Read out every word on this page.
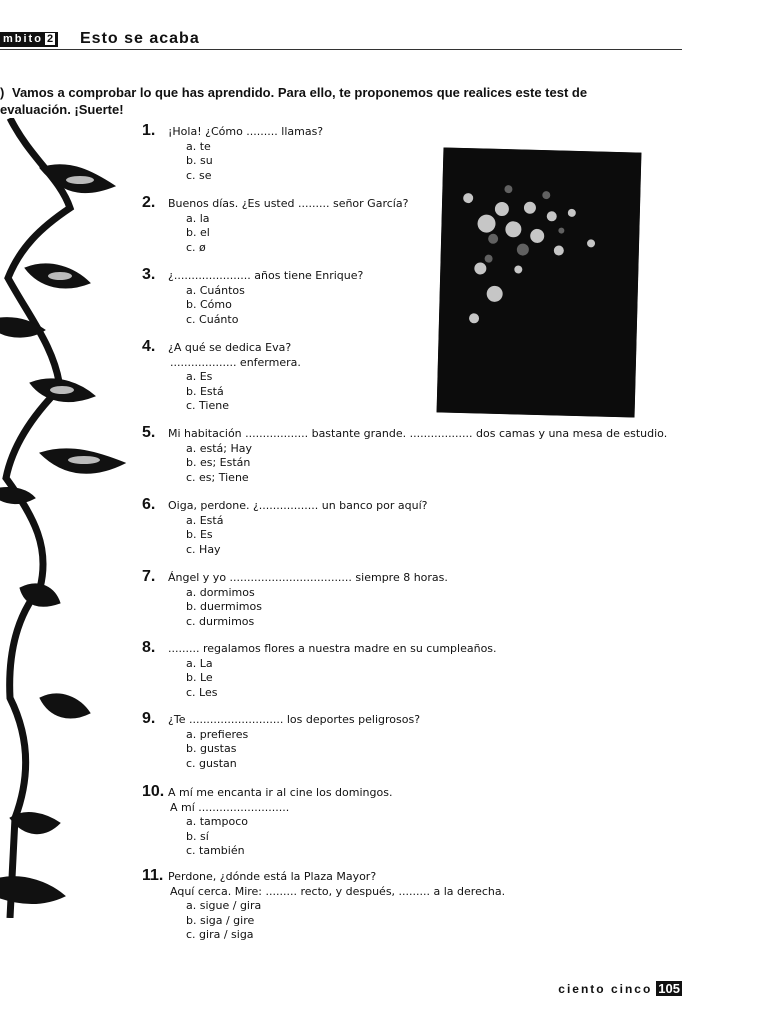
mbito 2	Esto se acaba
) Vamos a comprobar lo que has aprendido. Para ello, te proponemos que realices este test de evaluación. ¡Suerte!
1. ¡Hola! ¿Cómo ......... llamas?
a. te
b. su
c. se
2. Buenos días. ¿Es usted ......... señor García?
a. la
b. el
c. ø
3. ¿...................... años tiene Enrique?
a. Cuántos
b. Cómo
c. Cuánto
4. ¿A qué se dedica Eva?
................... enfermera.
a. Es
b. Está
c. Tiene
5. Mi habitación .................. bastante grande. .................. dos camas y una mesa de estudio.
a. está; Hay
b. es; Están
c. es; Tiene
6. Oiga, perdone. ¿................. un banco por aquí?
a. Está
b. Es
c. Hay
7. Ángel y yo ................................... siempre 8 horas.
a. dormimos
b. duermimos
c. durmimos
8. ......... regalamos flores a nuestra madre en su cumpleaños.
a. La
b. Le
c. Les
9. ¿Te ........................... los deportes peligrosos?
a. prefieres
b. gustas
c. gustan
10. A mí me encanta ir al cine los domingos.
A mí ..........................
a. tampoco
b. sí
c. también
11. Perdone, ¿dónde está la Plaza Mayor?
Aquí cerca. Mire: ......... recto, y después, ......... a la derecha.
a. sigue / gira
b. siga / gire
c. gira / siga
ciento cinco 105
